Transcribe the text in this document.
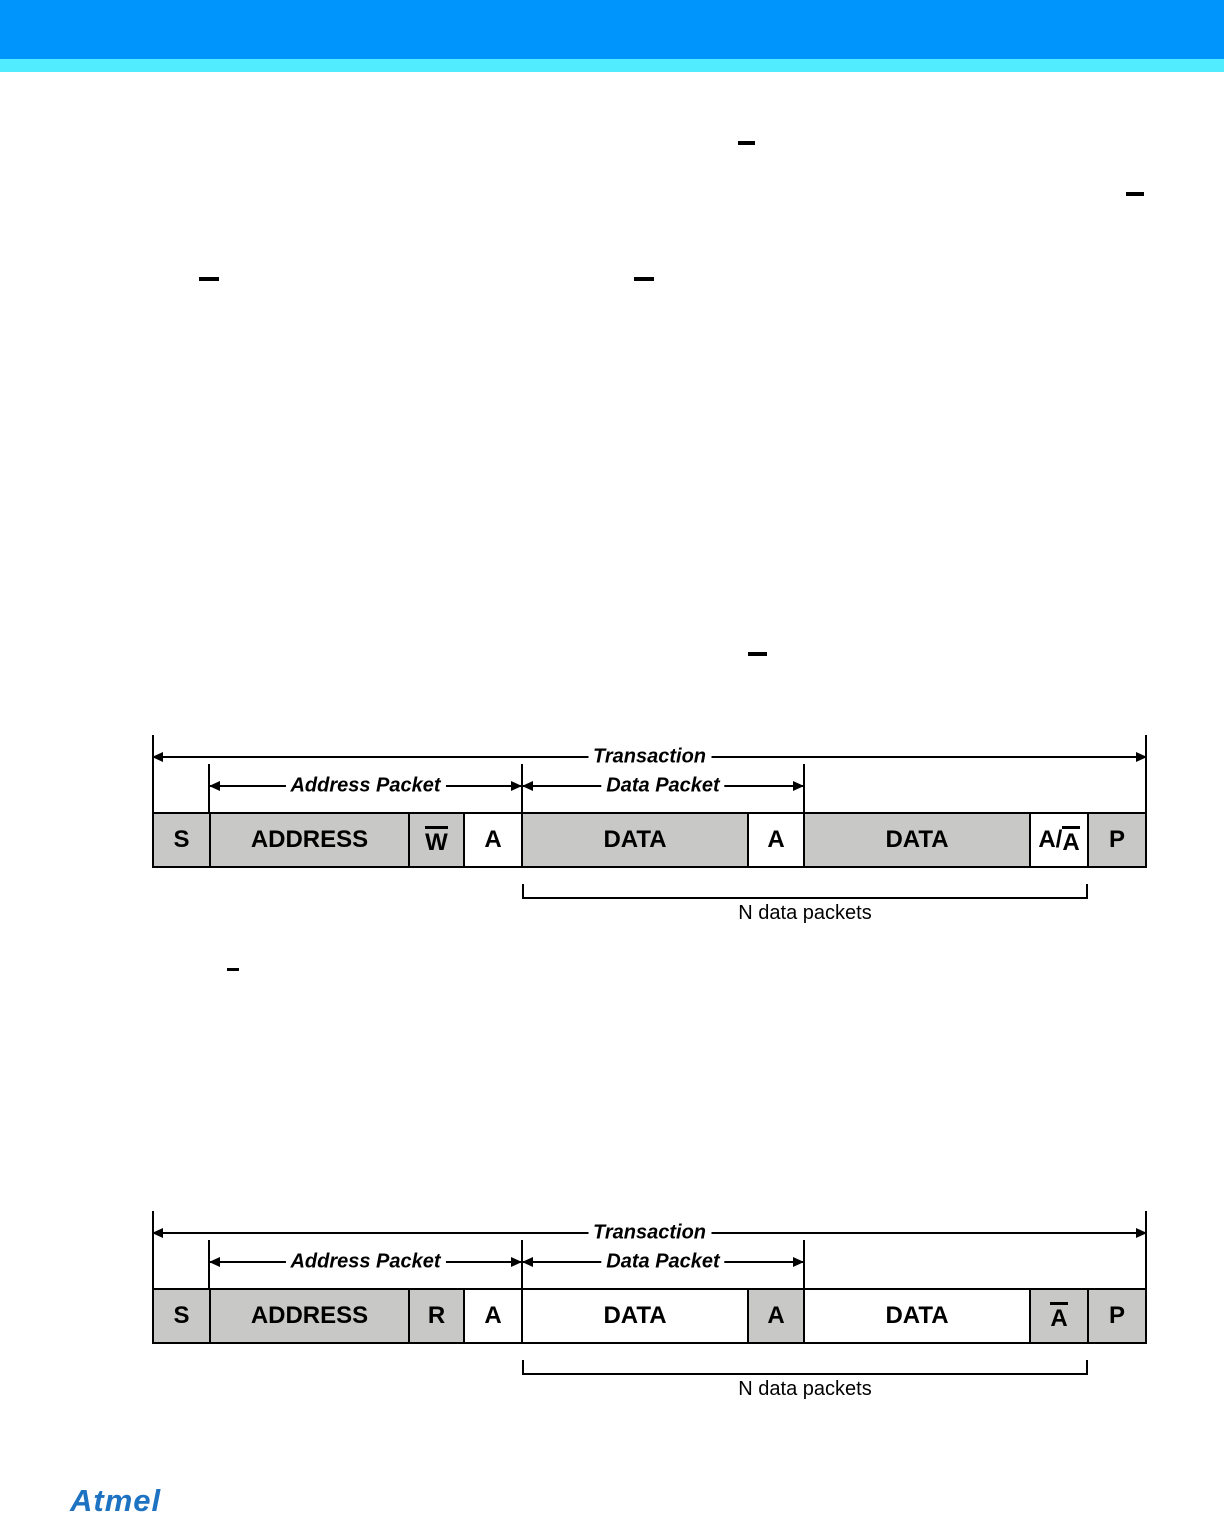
Transaction
Address Packet	Data Packet
S	ADDRESS W A	DATA	A	DATA	A/ A P
N data packets
Transaction
Address Packet	Data Packet
S	ADDRESS R A	DATA	A	DATA	A P
N data packets
Atmel
